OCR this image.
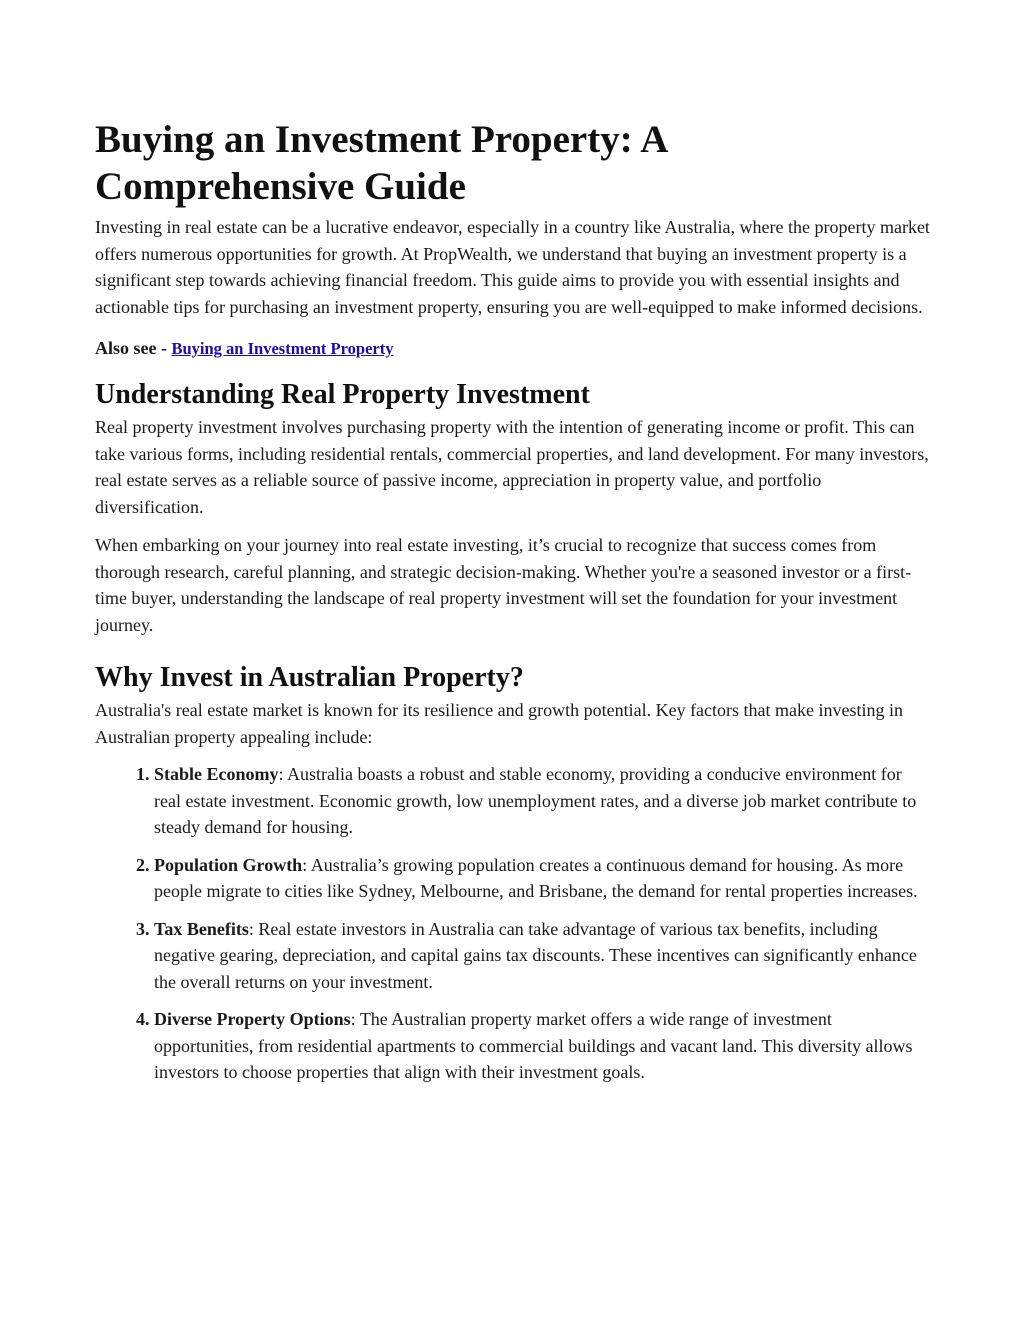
Buying an Investment Property: A Comprehensive Guide

Investing in real estate can be a lucrative endeavor, especially in a country like Australia, where the property market offers numerous opportunities for growth. At PropWealth, we understand that buying an investment property is a significant step towards achieving financial freedom. This guide aims to provide you with essential insights and actionable tips for purchasing an investment property, ensuring you are well-equipped to make informed decisions.

Also see - Buying an Investment Property
Understanding Real Property Investment

Real property investment involves purchasing property with the intention of generating income or profit. This can take various forms, including residential rentals, commercial properties, and land development. For many investors, real estate serves as a reliable source of passive income, appreciation in property value, and portfolio diversification.

When embarking on your journey into real estate investing, it’s crucial to recognize that success comes from thorough research, careful planning, and strategic decision-making. Whether you're a seasoned investor or a first-time buyer, understanding the landscape of real property investment will set the foundation for your investment journey.

Why Invest in Australian Property?

Australia's real estate market is known for its resilience and growth potential. Key factors that make investing in Australian property appealing include:

1. Stable Economy: Australia boasts a robust and stable economy, providing a conducive environment for real estate investment. Economic growth, low unemployment rates, and a diverse job market contribute to steady demand for housing.
2. Population Growth: Australia’s growing population creates a continuous demand for housing. As more people migrate to cities like Sydney, Melbourne, and Brisbane, the demand for rental properties increases.
3. Tax Benefits: Real estate investors in Australia can take advantage of various tax benefits, including negative gearing, depreciation, and capital gains tax discounts. These incentives can significantly enhance the overall returns on your investment.
4. Diverse Property Options: The Australian property market offers a wide range of investment opportunities, from residential apartments to commercial buildings and vacant land. This diversity allows investors to choose properties that align with their investment goals.
